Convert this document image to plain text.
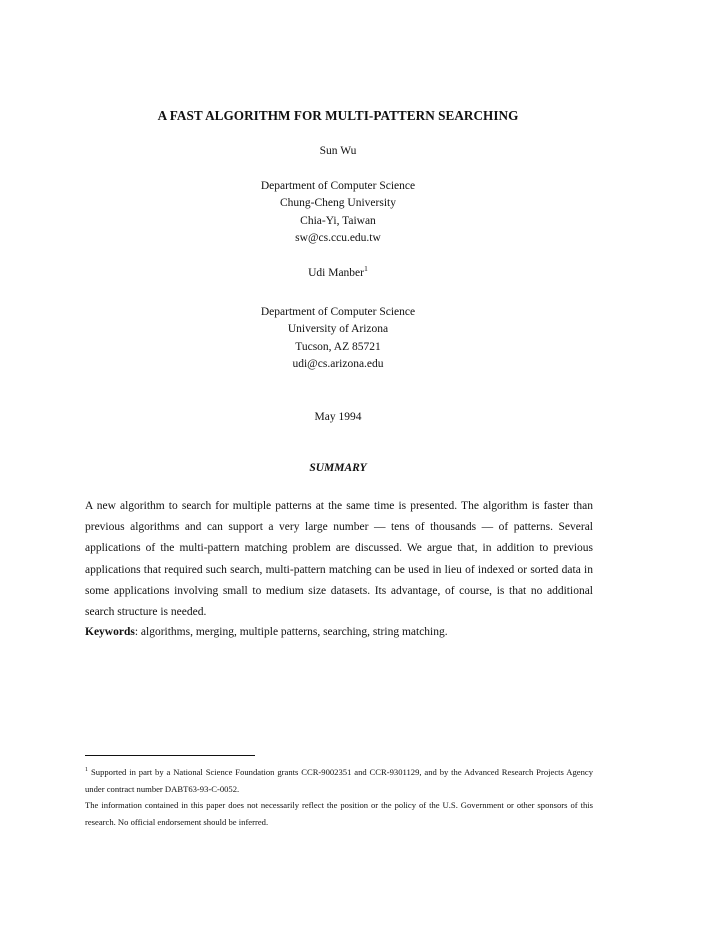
A FAST ALGORITHM FOR MULTI-PATTERN SEARCHING
Sun Wu
Department of Computer Science
Chung-Cheng University
Chia-Yi, Taiwan
sw@cs.ccu.edu.tw
Udi Manber$^1$
Department of Computer Science
University of Arizona
Tucson, AZ 85721
udi@cs.arizona.edu
May 1994
SUMMARY
A new algorithm to search for multiple patterns at the same time is presented. The algorithm is faster than previous algorithms and can support a very large number — tens of thousands — of patterns. Several applications of the multi-pattern matching problem are discussed. We argue that, in addition to previous applications that required such search, multi-pattern matching can be used in lieu of indexed or sorted data in some applications involving small to medium size datasets. Its advantage, of course, is that no additional search structure is needed.
Keywords: algorithms, merging, multiple patterns, searching, string matching.
$^1$ Supported in part by a National Science Foundation grants CCR-9002351 and CCR-9301129, and by the Advanced Research Projects Agency under contract number DABT63-93-C-0052.
The information contained in this paper does not necessarily reflect the position or the policy of the U.S. Government or other sponsors of this research. No official endorsement should be inferred.
